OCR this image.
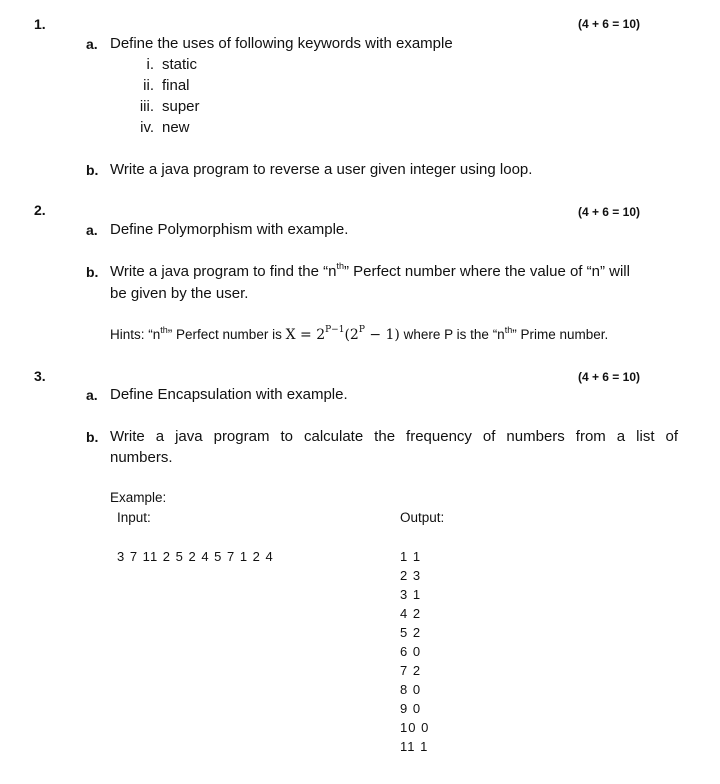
1.	(4 + 6 = 10)
a. Define the uses of following keywords with example
i. static
ii. final
iii. super
iv. new
b. Write a java program to reverse a user given integer using loop.
2.	(4 + 6 = 10)
a. Define Polymorphism with example.
b. Write a java program to find the “$n^{th}$” Perfect number where the value of “n” will
be given by the user.
Hints: “$n^{th}$” Perfect number is $X = 2^{P-1}(2^P - 1)$ where P is the “$n^{th}$” Prime number.
3.	(4 + 6 = 10)
a. Define Encapsulation with example.
b. Write a java program to calculate the frequency of numbers from a list of
numbers.
Example:
Input:	Output:
3 7 11 2 5 2 4 5 7 1 2 4	1 1
2 3
3 1
4 2
5 2
6 0
7 2
8 0
9 0
10 0
11 1
